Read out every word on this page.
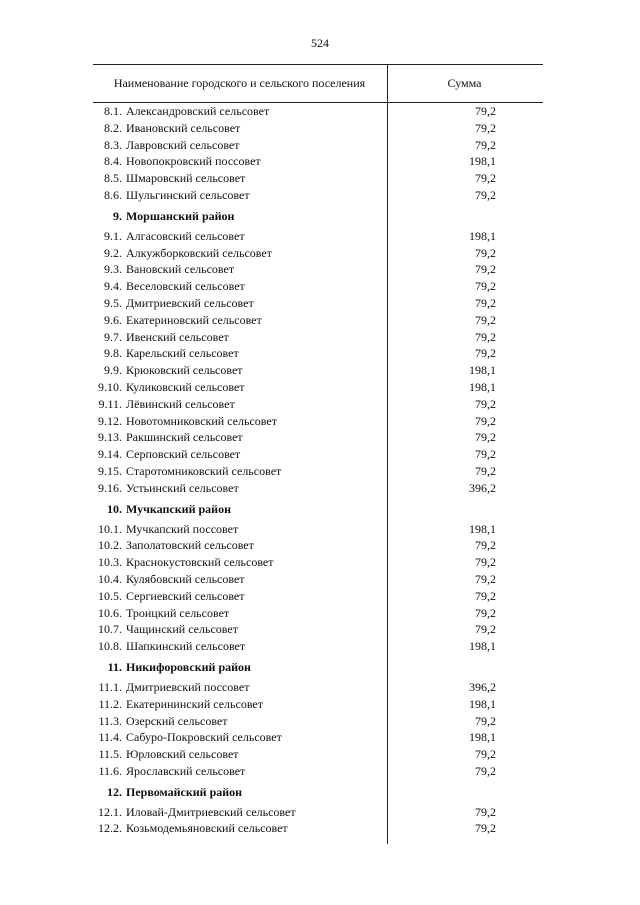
524
Наименование городского и сельского поселения	Сумма
8.1. Александровский сельсовет	79,2
8.2. Ивановский сельсовет	79,2
8.3. Лавровский сельсовет	79,2
8.4. Новопокровский поссовет	198,1
8.5. Шмаровский сельсовет	79,2
8.6. Шульгинский сельсовет	79,2
9. Моршанский район
9.1. Алгасовский сельсовет	198,1
9.2. Алкужборковский сельсовет	79,2
9.3. Вановский сельсовет	79,2
9.4. Веселовский сельсовет	79,2
9.5. Дмитриевский сельсовет	79,2
9.6. Екатериновский сельсовет	79,2
9.7. Ивенский сельсовет	79,2
9.8. Карельский сельсовет	79,2
9.9. Крюковский сельсовет	198,1
9.10. Куликовский сельсовет	198,1
9.11. Лёвинский сельсовет	79,2
9.12. Новотомниковский сельсовет	79,2
9.13. Ракшинский сельсовет	79,2
9.14. Серповский сельсовет	79,2
9.15. Старотомниковский сельсовет	79,2
9.16. Устьинский сельсовет	396,2
10. Мучкапский район
10.1. Мучкапский поссовет	198,1
10.2. Заполатовский сельсовет	79,2
10.3. Краснокустовский сельсовет	79,2
10.4. Кулябовский сельсовет	79,2
10.5. Сергиевский сельсовет	79,2
10.6. Троицкий сельсовет	79,2
10.7. Чащинский сельсовет	79,2
10.8. Шапкинский сельсовет	198,1
11. Никифоровский район
11.1. Дмитриевский поссовет	396,2
11.2. Екатерининский сельсовет	198,1
11.3. Озерский сельсовет	79,2
11.4. Сабуро-Покровский сельсовет	198,1
11.5. Юрловский сельсовет	79,2
11.6. Ярославский сельсовет	79,2
12. Первомайский район
12.1. Иловай-Дмитриевский сельсовет	79,2
12.2. Козьмодемьяновский сельсовет	79,2
